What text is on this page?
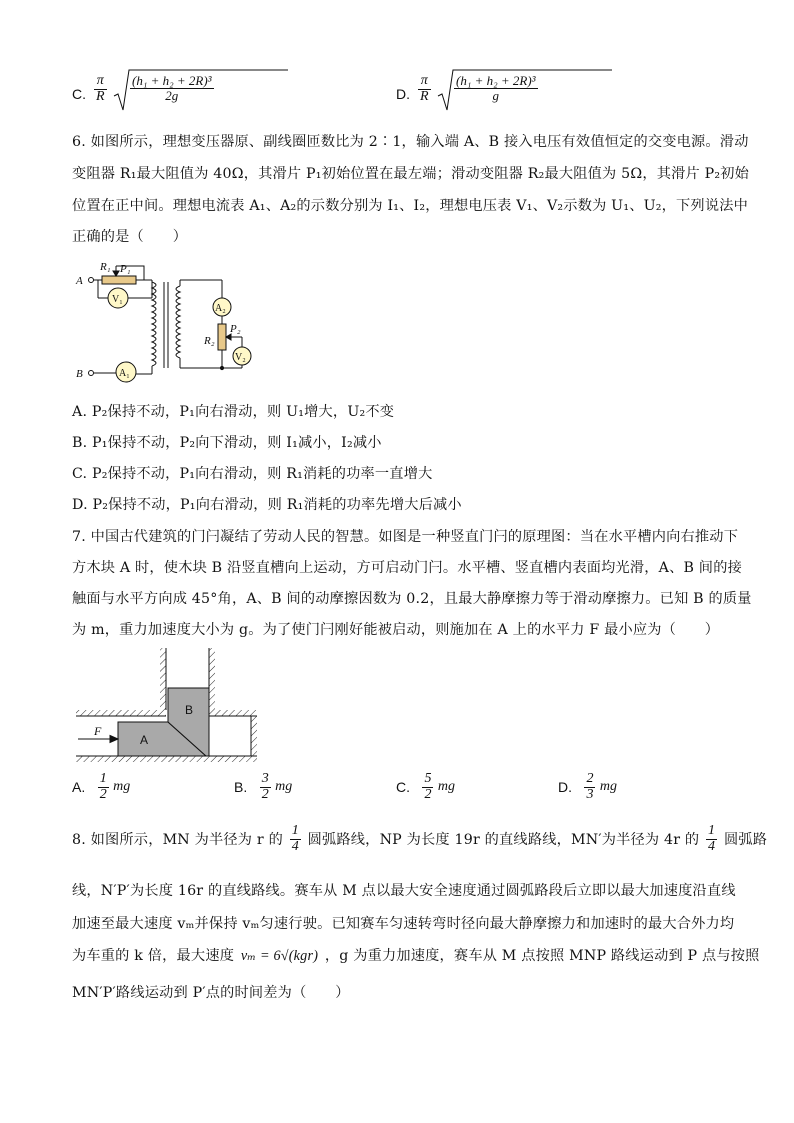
C. $\frac{\pi}{R} \frac{\text{(h₁ + h₂ + 2R)³}}{2g}$	D. $\frac{\pi}{R} \frac{\text{(h₁ + h₂ + 2R)³}}{g}$
6. 如图所示，理想变压器原、副线圈匝数比为 2∶1，输入端 A、B 接入电压有效值恒定的交变电源。滑动
变阻器 R₁最大阻值为 40Ω，其滑片 P₁初始位置在最左端；滑动变阻器 R₂最大阻值为 5Ω，其滑片 P₂初始
位置在正中间。理想电流表 A₁、A₂的示数分别为 I₁、I₂，理想电压表 V₁、V₂示数为 U₁、U₂，下列说法中
正确的是（　　）
R₁ P₁
A
V₁
A₂
P₂
R₂
V₂
B	A₁
A. P₂保持不动，P₁向右滑动，则 U₁增大，U₂不变
B. P₁保持不动，P₂向下滑动，则 I₁减小，I₂减小
C. P₂保持不动，P₁向右滑动，则 R₁消耗的功率一直增大
D. P₂保持不动，P₁向右滑动，则 R₁消耗的功率先增大后减小
7. 中国古代建筑的门闩凝结了劳动人民的智慧。如图是一种竖直门闩的原理图：当在水平槽内向右推动下
方木块 A 时，使木块 B 沿竖直槽向上运动，方可启动门闩。水平槽、竖直槽内表面均光滑，A、B 间的接
触面与水平方向成 45°角，A、B 间的动摩擦因数为 0.2，且最大静摩擦力等于滑动摩擦力。已知 B 的质量
为 m，重力加速度大小为 g。为了使门闩刚好能被启动，则施加在 A 上的水平力 F 最小应为（　　）
F
A
B
A. $\frac{1}{2}$ mg	B. $\frac{3}{2}$ mg	C. $\frac{5}{2}$ mg	D. $\frac{2}{3}$ mg
8. 如图所示，MN 为半径为 r 的 $\frac{1}{4}$ 圆弧路线，NP 为长度 19r 的直线路线，MN′为半径为 4r 的 $\frac{1}{4}$ 圆弧路
线，N′P′为长度 16r 的直线路线。赛车从 M 点以最大安全速度通过圆弧路段后立即以最大加速度沿直线
加速至最大速度 vₘ并保持 vₘ匀速行驶。已知赛车匀速转弯时径向最大静摩擦力和加速时的最大合外力均
为车重的 k 倍，最大速度 vₘ = 6√(kgr) ，g 为重力加速度，赛车从 M 点按照 MNP 路线运动到 P 点与按照
MN′P′路线运动到 P′点的时间差为（　　）
